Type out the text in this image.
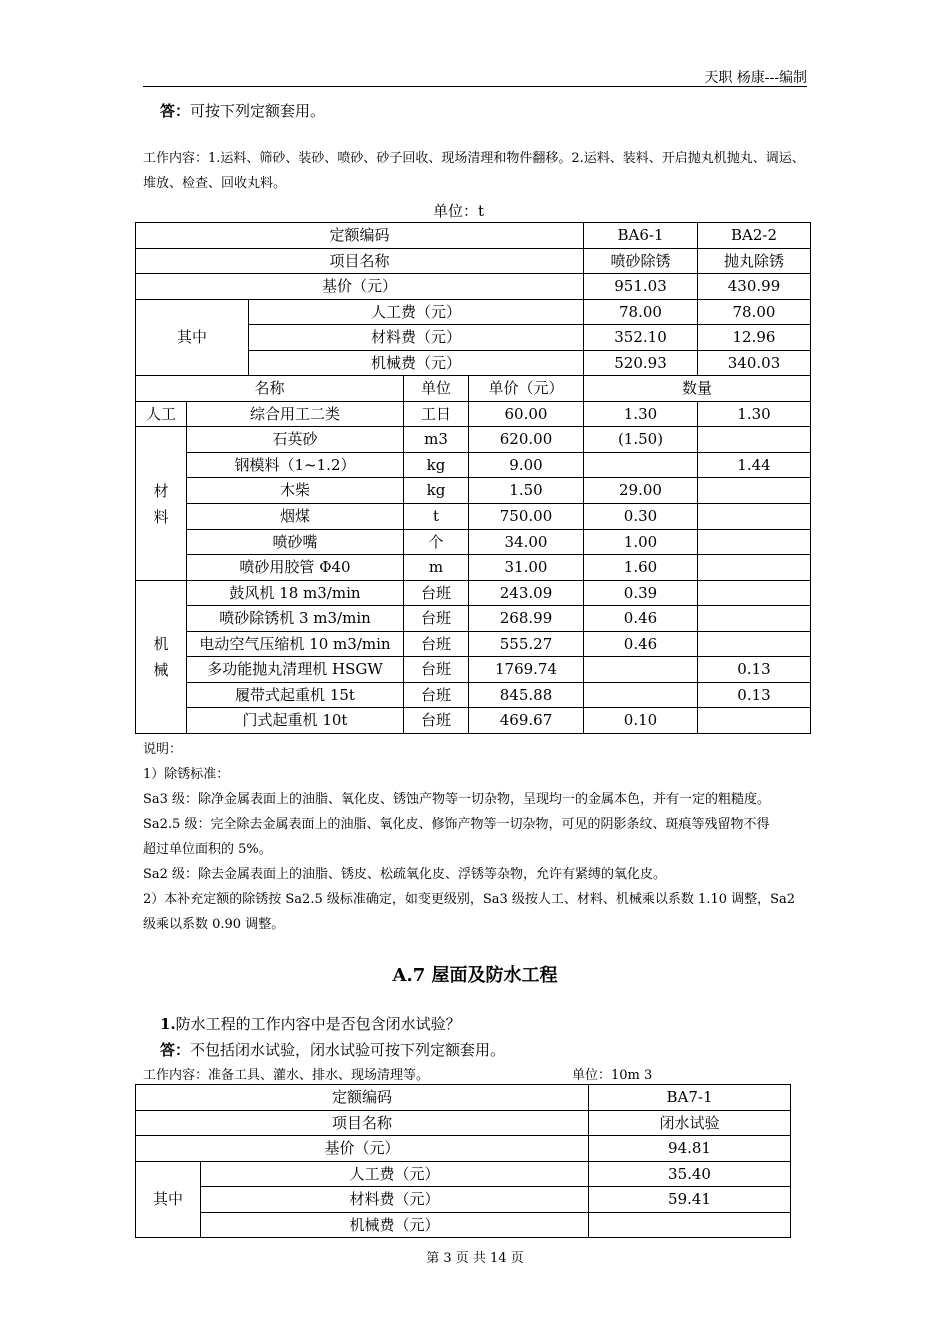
天职 杨康---编制
答：可按下列定额套用。
工作内容：1.运料、筛砂、装砂、喷砂、砂子回收、现场清理和物件翻移。2.运料、装料、开启抛丸机抛丸、调运、
堆放、检查、回收丸料。
单位：t
定额编码					BA6-1	BA2-2
项目名称					喷砂除锈	抛丸除锈
基价（元）					951.03	430.99
其中		人工费（元）			78.00	78.00
		材料费（元）			352.10	12.96
		机械费（元）			520.93	340.03
名称			单位	单价（元）	数量	
人工	综合用工二类		工日	60.00	1.30	1.30
材料	石英砂		m3	620.00	(1.50)	
	钢模料（1~1.2）		kg	9.00		1.44
	木柴		kg	1.50	29.00	
	烟煤		t	750.00	0.30	
	喷砂嘴		个	34.00	1.00	
	喷砂用胶管 Φ40		m	31.00	1.60	
机械	鼓风机 18 m3/min		台班	243.09	0.39	
	喷砂除锈机 3 m3/min		台班	268.99	0.46	
	电动空气压缩机 10 m3/min		台班	555.27	0.46	
	多功能抛丸清理机 HSGW		台班	1769.74		0.13
	履带式起重机 15t		台班	845.88		0.13
	门式起重机 10t		台班	469.67	0.10	
说明：
1）除锈标准：
Sa3 级：除净金属表面上的油脂、氧化皮、锈蚀产物等一切杂物，呈现均一的金属本色，并有一定的粗糙度。
Sa2.5 级：完全除去金属表面上的油脂、氧化皮、修饰产物等一切杂物，可见的阴影条纹、斑痕等残留物不得
超过单位面积的 5%。
Sa2 级：除去金属表面上的油脂、锈皮、松疏氧化皮、浮锈等杂物，允许有紧缚的氧化皮。
2）本补充定额的除锈按 Sa2.5 级标准确定，如变更级别，Sa3 级按人工、材料、机械乘以系数 1.10 调整，Sa2
级乘以系数 0.90 调整。
A.7 屋面及防水工程
1.防水工程的工作内容中是否包含闭水试验？
答：不包括闭水试验，闭水试验可按下列定额套用。
工作内容：准备工具、灌水、排水、现场清理等。	单位：10m 3
定额编码		BA7-1
项目名称		闭水试验
基价（元）		94.81
其中	人工费（元）	35.40
	材料费（元）	59.41
	机械费（元）	
第 3 页 共 14 页
